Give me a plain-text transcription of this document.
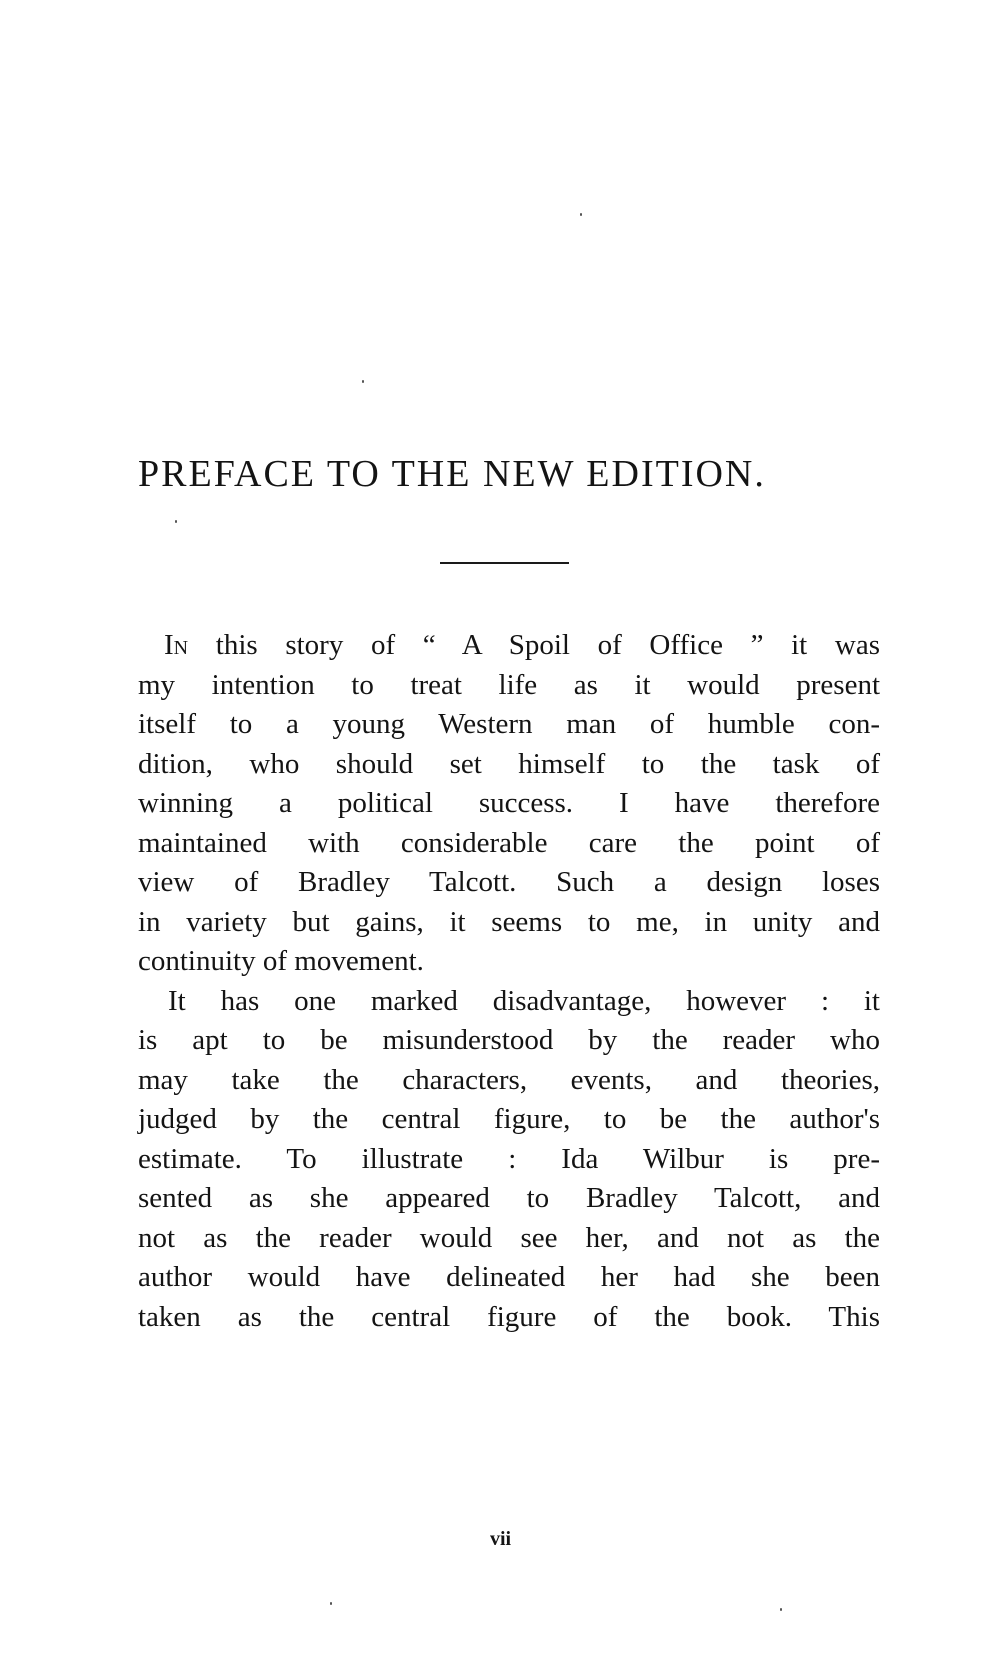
PREFACE TO THE NEW EDITION.
In this story of “ A Spoil of Office ” it was
my intention to treat life as it would present
itself to a young Western man of humble con-
dition, who should set himself to the task of
winning a political success. I have therefore
maintained with considerable care the point of
view of Bradley Talcott. Such a design loses
in variety but gains, it seems to me, in unity and
continuity of movement.
It has one marked disadvantage, however : it
is apt to be misunderstood by the reader who
may take the characters, events, and theories,
judged by the central figure, to be the author's
estimate. To illustrate : Ida Wilbur is pre-
sented as she appeared to Bradley Talcott, and
not as the reader would see her, and not as the
author would have delineated her had she been
taken as the central figure of the book. This
vii
